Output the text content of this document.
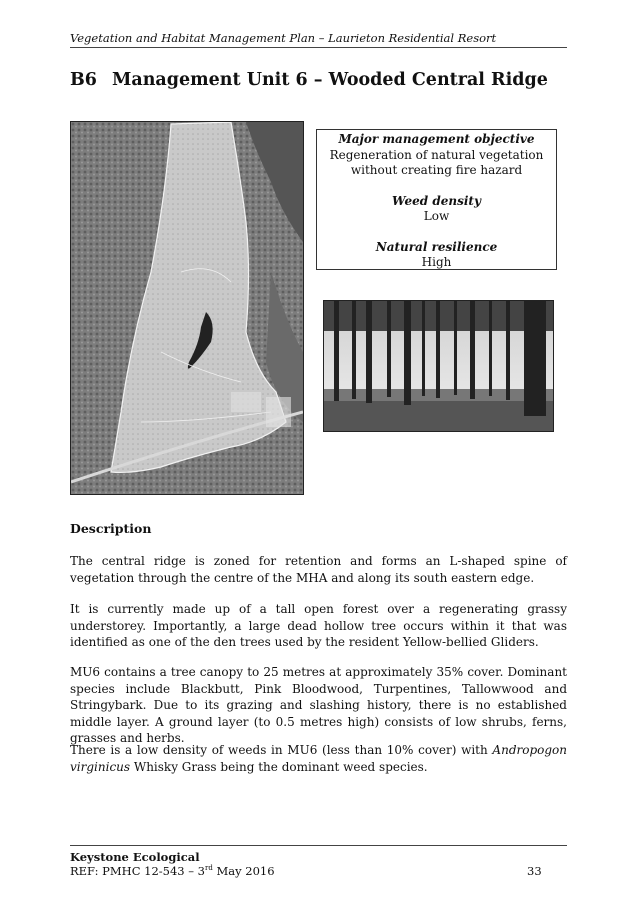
Vegetation and Habitat Management Plan – Laurieton Residential Resort
B6 Management Unit 6 – Wooded Central Ridge
Major management objective
Regeneration of natural vegetation
without creating fire hazard
Weed density
Low
Natural resilience
High
Description
The central ridge is zoned for retention and forms an L-shaped spine of vegetation through the centre of the MHA and along its south eastern edge.
It is currently made up of a tall open forest over a regenerating grassy understorey. Importantly, a large dead hollow tree occurs within it that was identified as one of the den trees used by the resident Yellow-bellied Gliders.
MU6 contains a tree canopy to 25 metres at approximately 35% cover. Dominant species include Blackbutt, Pink Bloodwood, Turpentines, Tallowwood and Stringybark. Due to its grazing and slashing history, there is no established middle layer. A ground layer (to 0.5 metres high) consists of low shrubs, ferns, grasses and herbs.
There is a low density of weeds in MU6 (less than 10% cover) with Andropogon virginicus Whisky Grass being the dominant weed species.
Keystone Ecological
REF: PMHC 12-543 – 3rd May 2016	33
